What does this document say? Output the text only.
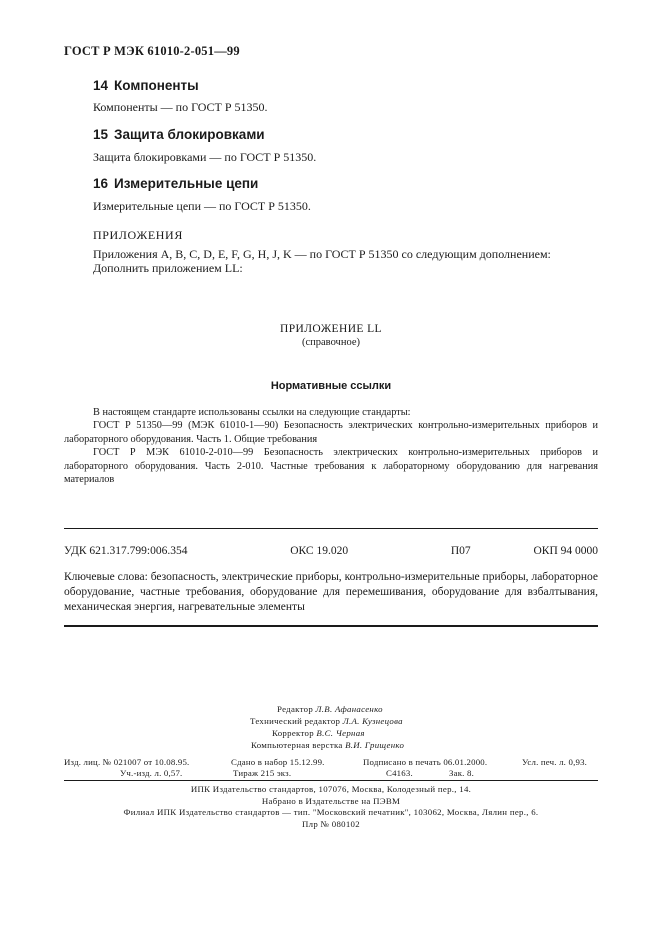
ГОСТ Р МЭК 61010-2-051—99
14 Компоненты
Компоненты — по ГОСТ Р 51350.
15 Защита блокировками
Защита блокировками — по ГОСТ Р 51350.
16 Измерительные цепи
Измерительные цепи — по ГОСТ Р 51350.
ПРИЛОЖЕНИЯ
Приложения A, B, C, D, E, F, G, H, J, K — по ГОСТ Р 51350 со следующим дополнением:
Дополнить приложением LL:
ПРИЛОЖЕНИЕ LL
(справочное)
Нормативные ссылки

В настоящем стандарте использованы ссылки на следующие стандарты:

ГОСТ Р 51350—99 (МЭК 61010-1—90) Безопасность электрических контрольно-измерительных приборов и лабораторного оборудования. Часть 1. Общие требования

ГОСТ Р МЭК 61010-2-010—99 Безопасность электрических контрольно-измерительных приборов и лабораторного оборудования. Часть 2-010. Частные требования к лабораторному оборудованию для нагревания материалов

УДК 621.317.799:006.354	ОКС 19.020	П07	ОКП 94 0000
Ключевые слова: безопасность, электрические приборы, контрольно-измерительные приборы, лабораторное оборудование, частные требования, оборудование для перемешивания, оборудование для взбалтывания, механическая энергия, нагревательные элементы
Редактор Л.В. Афанасенко
Технический редактор Л.А. Кузнецова
Корректор В.С. Черная
Компьютерная верстка В.И. Грищенко
Изд. лиц. № 021007 от 10.08.95.	Сдано в набор 15.12.99.	Подписано в печать 06.01.2000.	Усл. печ. л. 0,93.
Уч.-изд. л. 0,57.	Тираж 215 экз.	С4163.	Зак. 8.
ИПК Издательство стандартов, 107076, Москва, Колодезный пер., 14.
Набрано в Издательстве на ПЭВМ
Филиал ИПК Издательство стандартов — тип. "Московский печатник", 103062, Москва, Лялин пер., 6.
Плр № 080102
